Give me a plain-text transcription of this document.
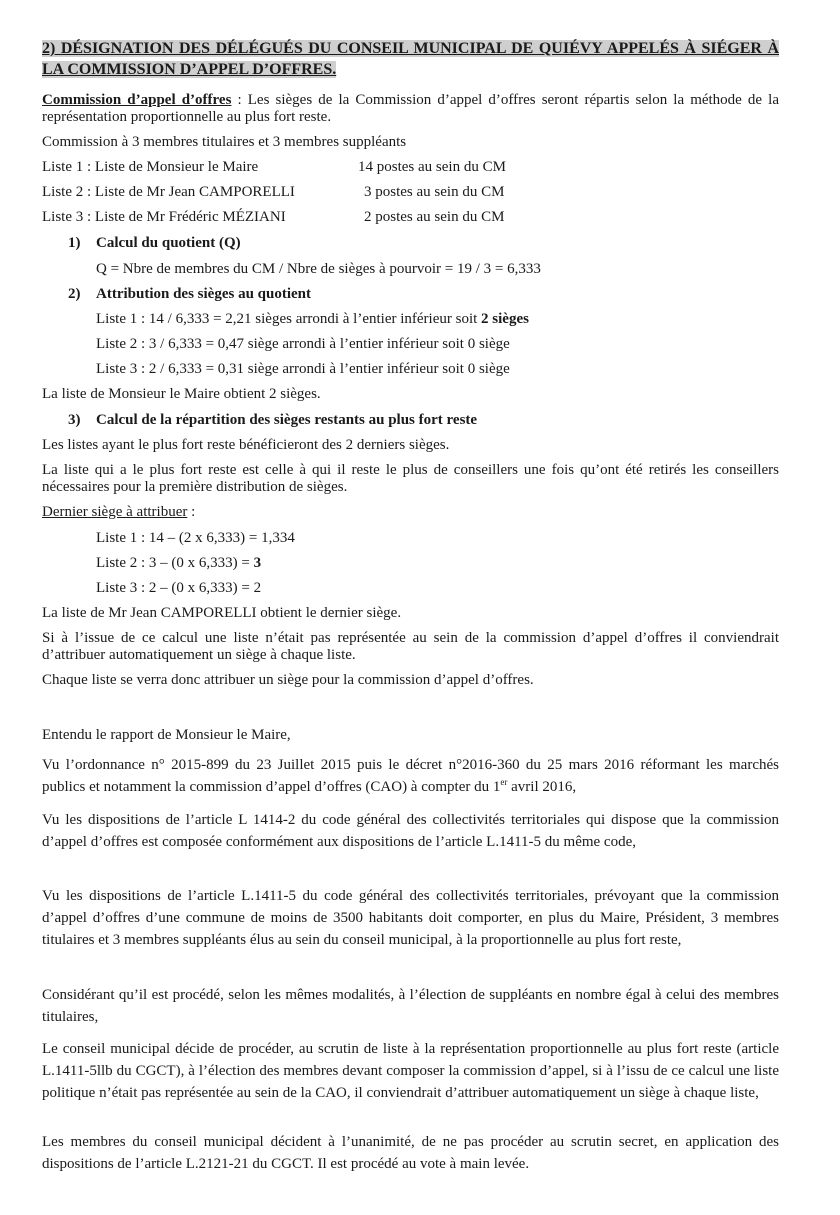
2) DÉSIGNATION DES DÉLÉGUÉS DU CONSEIL MUNICIPAL DE QUIÉVY APPELÉS À SIÉGER À LA COMMISSION D’APPEL D’OFFRES.
Commission d’appel d’offres : Les sièges de la Commission d’appel d’offres seront répartis selon la méthode de la représentation proportionnelle au plus fort reste.
Commission à 3 membres titulaires et 3 membres suppléants
Liste 1 : Liste de Monsieur le Maire	14 postes au sein du CM
Liste 2 : Liste de Mr Jean CAMPORELLI	3 postes au sein du CM
Liste 3 : Liste de Mr Frédéric MÉZIANI	2 postes au sein du CM
1) Calcul du quotient (Q)
Q = Nbre de membres du CM / Nbre de sièges à pourvoir = 19 / 3 = 6,333
2) Attribution des sièges au quotient
Liste 1 : 14 / 6,333 = 2,21 sièges arrondi à l’entier inférieur soit 2 sièges
Liste 2 : 3 / 6,333 = 0,47 siège arrondi à l’entier inférieur soit 0 siège
Liste 3 : 2 / 6,333 = 0,31 siège arrondi à l’entier inférieur soit 0 siège
La liste de Monsieur le Maire obtient 2 sièges.
3) Calcul de la répartition des sièges restants au plus fort reste
Les listes ayant le plus fort reste bénéficieront des 2 derniers sièges.
La liste qui a le plus fort reste est celle à qui il reste le plus de conseillers une fois qu’ont été retirés les conseillers nécessaires pour la première distribution de sièges.
Dernier siège à attribuer :
Liste 1 : 14 – (2 x 6,333) = 1,334
Liste 2 : 3 – (0 x 6,333) = 3
Liste 3 : 2 – (0 x 6,333) = 2
La liste de Mr Jean CAMPORELLI obtient le dernier siège.
Si à l’issue de ce calcul une liste n’était pas représentée au sein de la commission d’appel d’offres il conviendrait d’attribuer automatiquement un siège à chaque liste.
Chaque liste se verra donc attribuer un siège pour la commission d’appel d’offres.
Entendu le rapport de Monsieur le Maire,
Vu l’ordonnance n° 2015-899 du 23 Juillet 2015 puis le décret n°2016-360 du 25 mars 2016 réformant les marchés publics et notamment la commission d’appel d’offres (CAO) à compter du 1er avril 2016,
Vu les dispositions de l’article L 1414-2 du code général des collectivités territoriales qui dispose que la commission d’appel d’offres est composée conformément aux dispositions de l’article L.1411-5 du même code,
Vu les dispositions de l’article L.1411-5 du code général des collectivités territoriales, prévoyant que la commission d’appel d’offres d’une commune de moins de 3500 habitants doit comporter, en plus du Maire, Président, 3 membres titulaires et 3 membres suppléants élus au sein du conseil municipal, à la proportionnelle au plus fort reste,
Considérant qu’il est procédé, selon les mêmes modalités, à l’élection de suppléants en nombre égal à celui des membres titulaires,
Le conseil municipal décide de procéder, au scrutin de liste à la représentation proportionnelle au plus fort reste (article L.1411-5llb du CGCT), à l’élection des membres devant composer la commission d’appel, si à l’issu de ce calcul une liste politique n’était pas représentée au sein de la CAO, il conviendrait d’attribuer automatiquement un siège à chaque liste,
Les membres du conseil municipal décident à l’unanimité, de ne pas procéder au scrutin secret, en application des dispositions de l’article L.2121-21 du CGCT. Il est procédé au vote à main levée.
